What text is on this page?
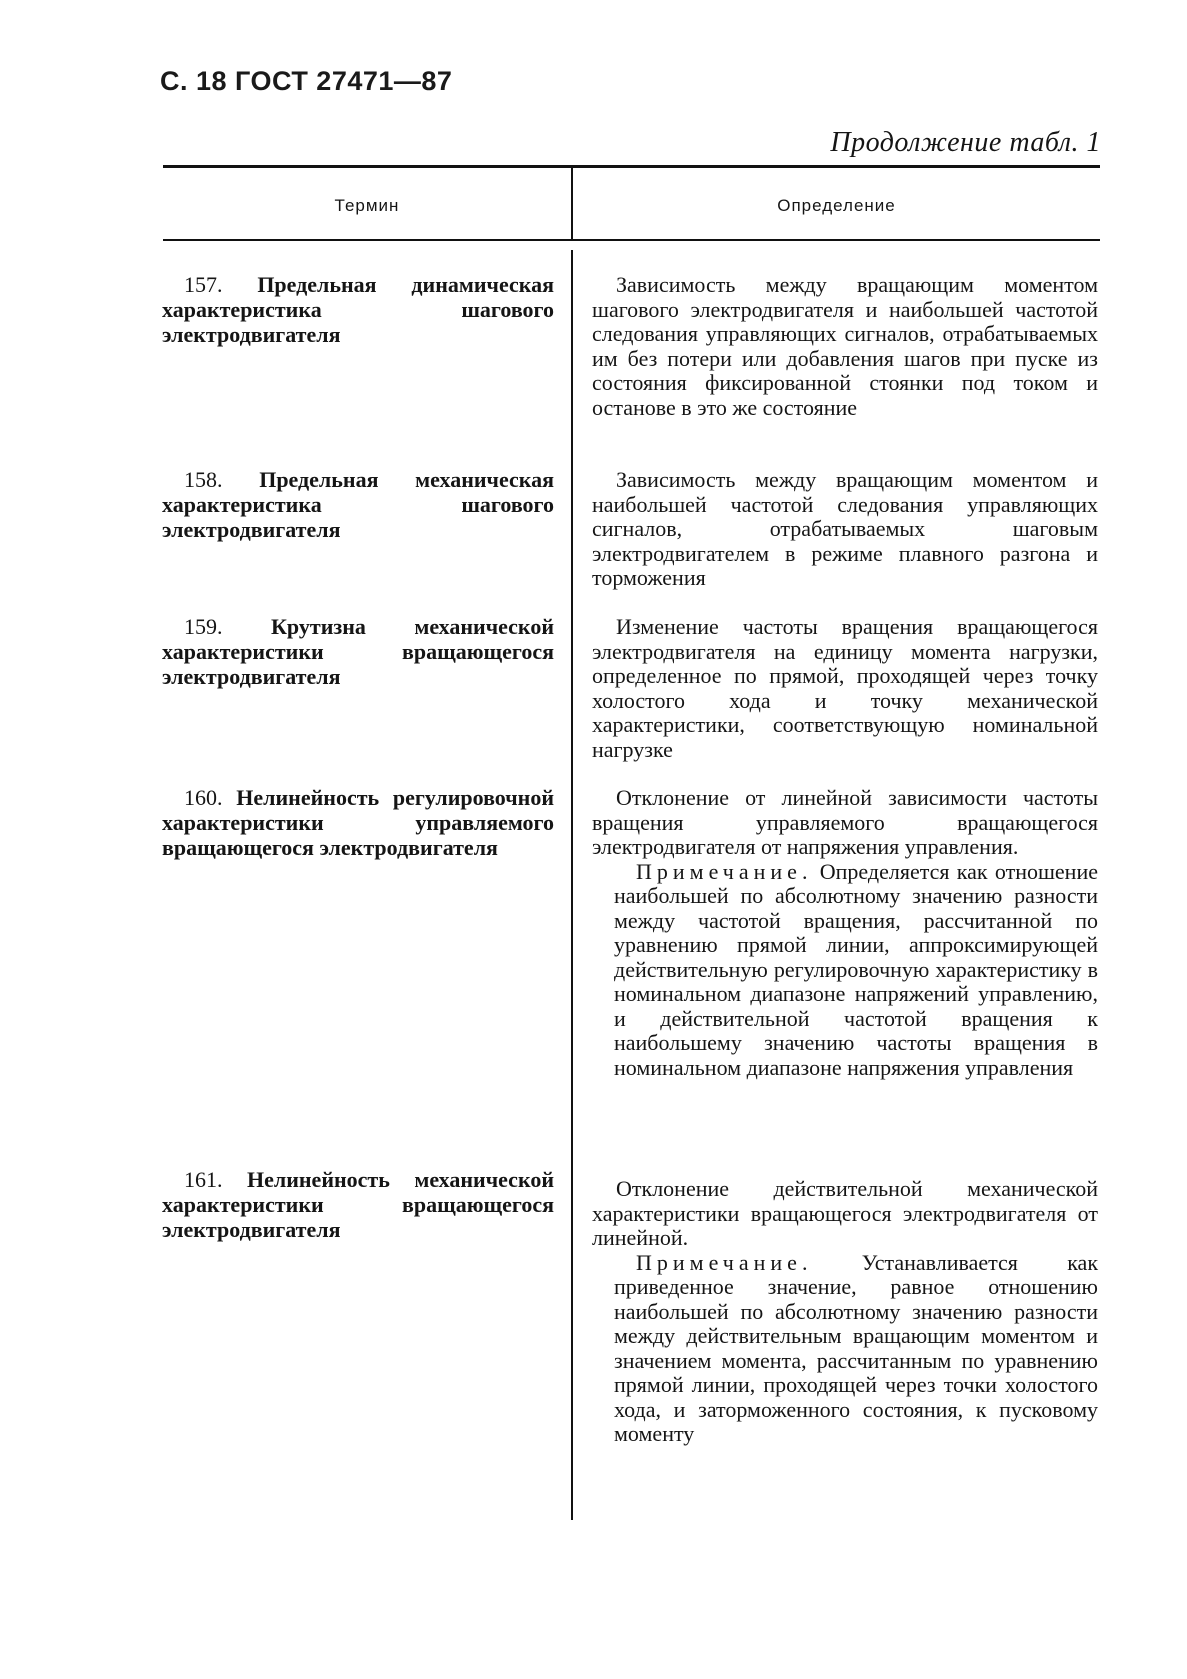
С. 18 ГОСТ 27471—87
Продолжение табл. 1
Термин	Определение
157. Предельная динамическая характеристика шагового электродвигателя

Зависимость между вращающим моментом шагового электродвигателя и наибольшей частотой следования управляющих сигналов, отрабатываемых им без потери или добавления шагов при пуске из состояния фиксированной стоянки под током и останове в это же состояние

158. Предельная механическая характеристика шагового электродвигателя

Зависимость между вращающим моментом и наибольшей частотой следования управляющих сигналов, отрабатываемых шаговым электродвигателем в режиме плавного разгона и торможения

159. Крутизна механической характеристики вращающегося электродвигателя

Изменение частоты вращения вращающегося электродвигателя на единицу момента нагрузки, определенное по прямой, проходящей через точку холостого хода и точку механической характеристики, соответствующую номинальной нагрузке

160. Нелинейность регулировочной характеристики управляемого вращающегося электродвигателя

Отклонение от линейной зависимости частоты вращения управляемого вращающегося электродвигателя от напряжения управления.

Примечание. Определяется как отношение наибольшей по абсолютному значению разности между частотой вращения, рассчитанной по уравнению прямой линии, аппроксимирующей действительную регулировочную характеристику в номинальном диапазоне напряжений управлению, и действительной частотой вращения к наибольшему значению частоты вращения в номинальном диапазоне напряжения управления

161. Нелинейность механической характеристики вращающегося электродвигателя

Отклонение действительной механической характеристики вращающегося электродвигателя от линейной.

Примечание. Устанавливается как приведенное значение, равное отношению наибольшей по абсолютному значению разности между действительным вращающим моментом и значением момента, рассчитанным по уравнению прямой линии, проходящей через точки холостого хода, и заторможенного состояния, к пусковому моменту
